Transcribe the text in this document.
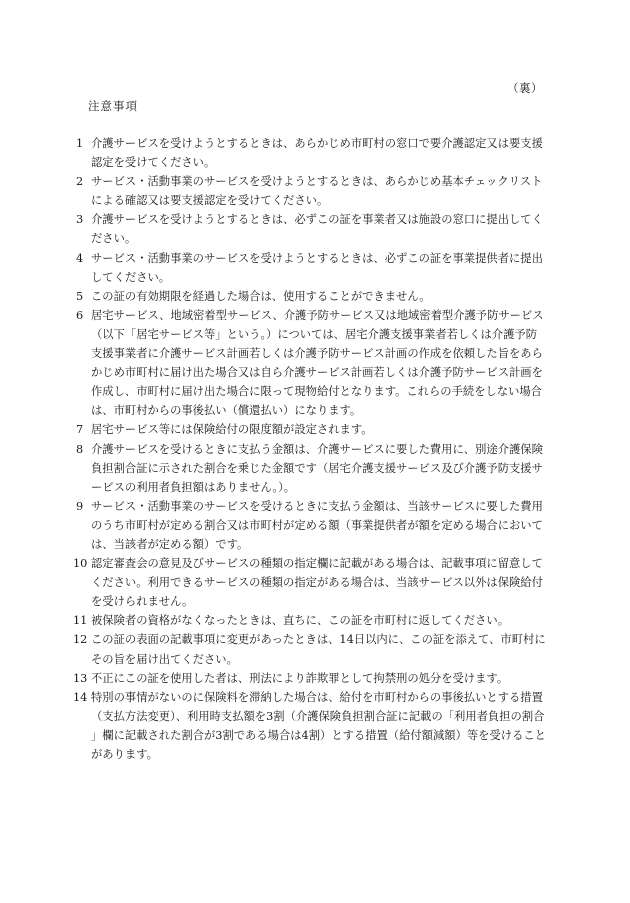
（裏）
注意事項
1 介護サービスを受けようとするときは、あらかじめ市町村の窓口で要介護認定又は要支援認定を受けてください。
2 サービス・活動事業のサービスを受けようとするときは、あらかじめ基本チェックリストによる確認又は要支援認定を受けてください。
3 介護サービスを受けようとするときは、必ずこの証を事業者又は施設の窓口に提出してください。
4 サービス・活動事業のサービスを受けようとするときは、必ずこの証を事業提供者に提出してください。
5 この証の有効期限を経過した場合は、使用することができません。
6 居宅サービス、地域密着型サービス、介護予防サービス又は地域密着型介護予防サービス（以下「居宅サービス等」という。）については、居宅介護支援事業者若しくは介護予防支援事業者に介護サービス計画若しくは介護予防サービス計画の作成を依頼した旨をあらかじめ市町村に届け出た場合又は自ら介護サービス計画若しくは介護予防サービス計画を作成し、市町村に届け出た場合に限って現物給付となります。これらの手続をしない場合は、市町村からの事後払い（償還払い）になります。
7 居宅サービス等には保険給付の限度額が設定されます。
8 介護サービスを受けるときに支払う金額は、介護サービスに要した費用に、別途介護保険負担割合証に示された割合を乗じた金額です（居宅介護支援サービス及び介護予防支援サービスの利用者負担額はありません。）。
9 サービス・活動事業のサービスを受けるときに支払う金額は、当該サービスに要した費用のうち市町村が定める割合又は市町村が定める額（事業提供者が額を定める場合においては、当該者が定める額）です。
10 認定審査会の意見及びサービスの種類の指定欄に記載がある場合は、記載事項に留意してください。利用できるサービスの種類の指定がある場合は、当該サービス以外は保険給付を受けられません。
11 被保険者の資格がなくなったときは、直ちに、この証を市町村に返してください。
12 この証の表面の記載事項に変更があったときは、14日以内に、この証を添えて、市町村にその旨を届け出てください。
13 不正にこの証を使用した者は、刑法により詐欺罪として拘禁刑の処分を受けます。
14 特別の事情がないのに保険料を滞納した場合は、給付を市町村からの事後払いとする措置（支払方法変更）、利用時支払額を3割（介護保険負担割合証に記載の「利用者負担の割合」欄に記載された割合が3割である場合は4割）とする措置（給付額減額）等を受けることがあります。
